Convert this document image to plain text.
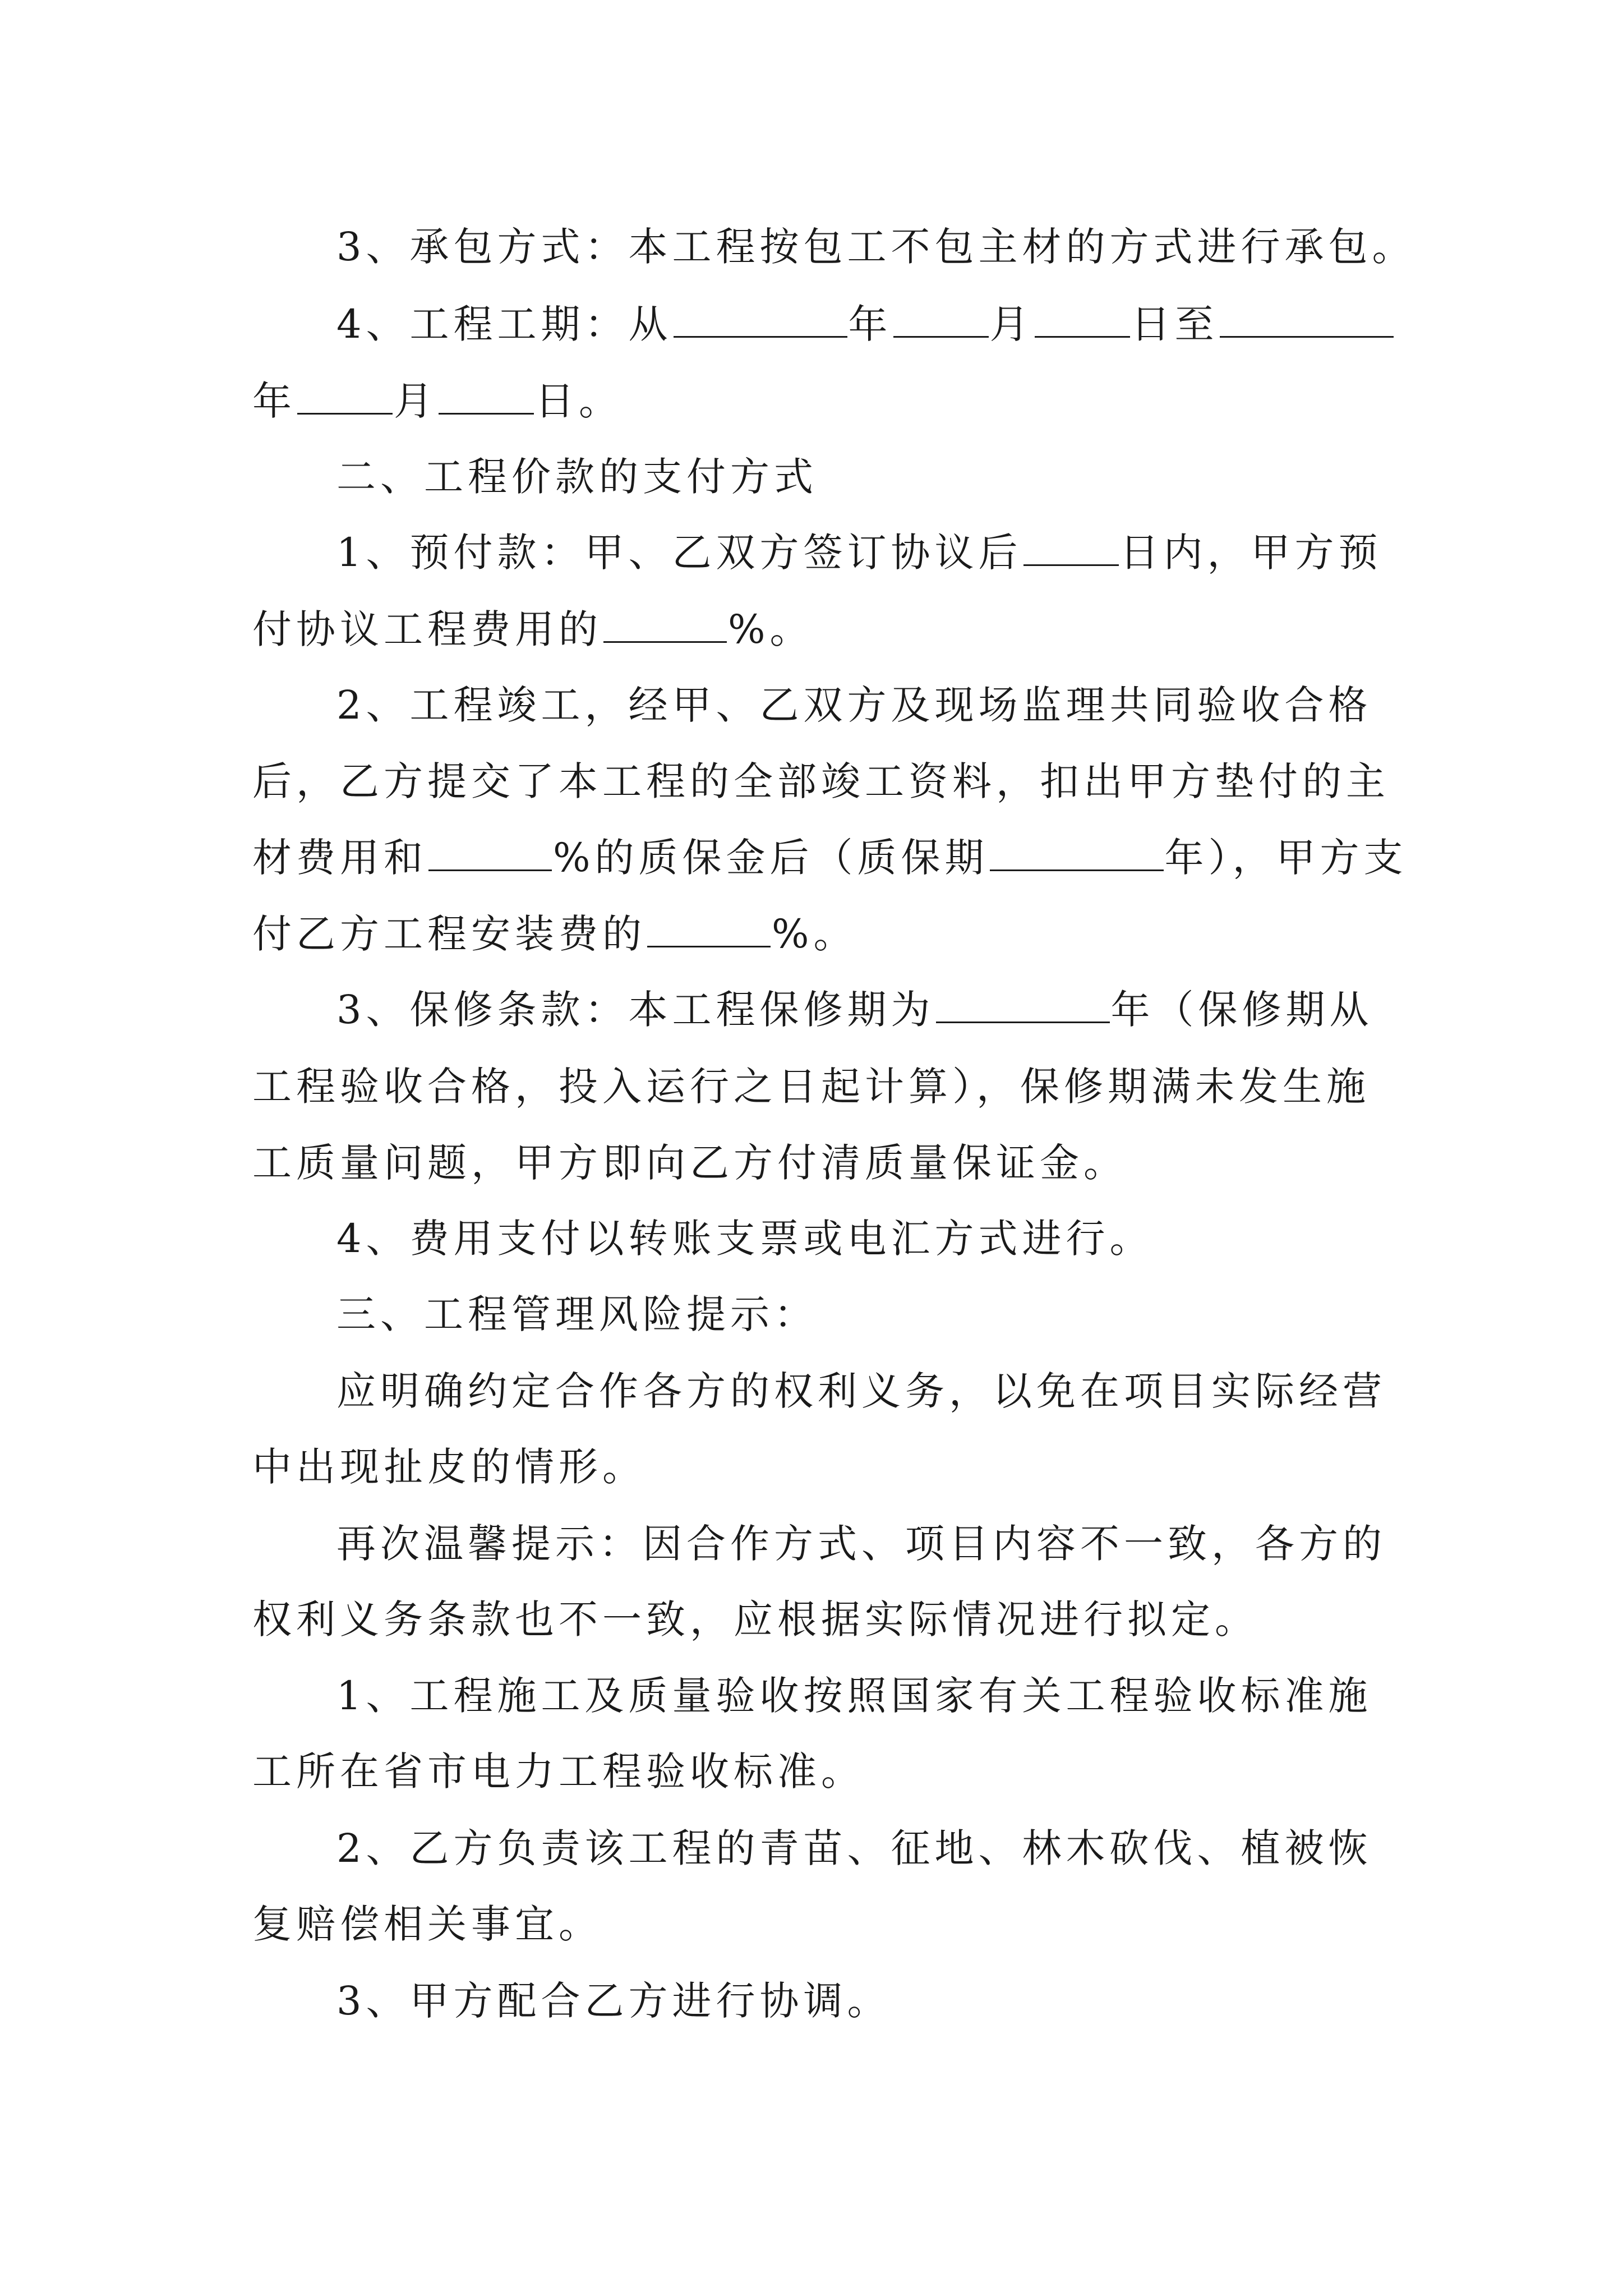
3、承包方式：本工程按包工不包主材的方式进行承包。
4、工程工期：从	年 月 日至
年 月 日。
二、工程价款的支付方式
1、预付款：甲、乙双方签订协议后 日内，甲方预
付协议工程费用的	%。
2、工程竣工，经甲、乙双方及现场监理共同验收合格
后，乙方提交了本工程的全部竣工资料，扣出甲方垫付的主
材费用和	%的质保金后（质保期	年），甲方支
付乙方工程安装费的	%。
3、保修条款：本工程保修期为	年（保修期从
工程验收合格，投入运行之日起计算），保修期满未发生施
工质量问题，甲方即向乙方付清质量保证金。
4、费用支付以转账支票或电汇方式进行。
三、工程管理风险提示：
应明确约定合作各方的权利义务，以免在项目实际经营
中出现扯皮的情形。
再次温馨提示：因合作方式、项目内容不一致，各方的
权利义务条款也不一致，应根据实际情况进行拟定。
1、工程施工及质量验收按照国家有关工程验收标准施
工所在省市电力工程验收标准。
2、乙方负责该工程的青苗、征地、林木砍伐、植被恢
复赔偿相关事宜。
3、甲方配合乙方进行协调。
